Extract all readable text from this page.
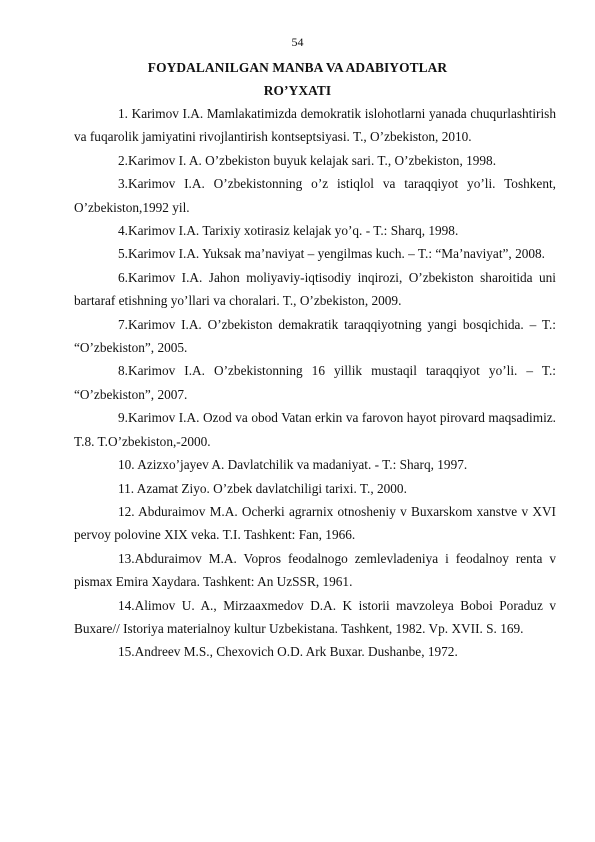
54
FOYDALANILGAN MANBA VA ADABIYOTLAR
RO’YXATI

1. Karimov I.A. Mamlakatimizda demokratik islohotlarni yanada chuqurlashtirish va fuqarolik jamiyatini rivojlantirish kontseptsiyasi. T., O’zbekiston, 2010.

2.Karimov I. A. O’zbekiston buyuk kelajak sari. T., O’zbekiston, 1998.

3.Karimov I.A. O’zbekistonning o’z istiqlol va taraqqiyot yo’li. Toshkent, O’zbekiston,1992 yil.

4.Karimov I.A. Tarixiy xotirasiz kelajak yo’q. - T.: Sharq, 1998.

5.Karimov I.A. Yuksak ma’naviyat – yengilmas kuch. – T.: “Ma’naviyat”, 2008.

6.Karimov I.A. Jahon moliyaviy-iqtisodiy inqirozi, O’zbekiston sharoitida uni bartaraf etishning yo’llari va choralari. T., O’zbekiston, 2009.

7.Karimov I.A. O’zbekiston demakratik taraqqiyotning yangi bosqichida. – T.: “O’zbekiston”, 2005.

8.Karimov I.A. O’zbekistonning 16 yillik mustaqil taraqqiyot yo’li. – T.: “O’zbekiston”, 2007.

9.Karimov I.A. Ozod va obod Vatan erkin va farovon hayot pirovard maqsadimiz. T.8. T.O’zbekiston,-2000.

10. Azizxo’jayev A. Davlatchilik va madaniyat. - T.: Sharq, 1997.

11. Azamat Ziyo. O’zbek davlatchiligi tarixi. T., 2000.

12. Abduraimov M.A. Ocherki agrarnix otnosheniy v Buxarskom xanstve v XVI pervoy polovine XIX veka. T.I. Tashkent: Fan, 1966.

13.Abduraimov M.A. Vopros feodalnogo zemlevladeniya i feodalnoy renta v pismax Emira Xaydara. Tashkent: An UzSSR, 1961.

14.Alimov U. A., Mirzaaxmedov D.A. K istorii mavzoleya Boboi Poraduz v Buxare// Istoriya materialnoy kultur Uzbekistana. Tashkent, 1982. Vp. XVII. S. 169.

15.Andreev M.S., Chexovich O.D. Ark Buxar. Dushanbe, 1972.
